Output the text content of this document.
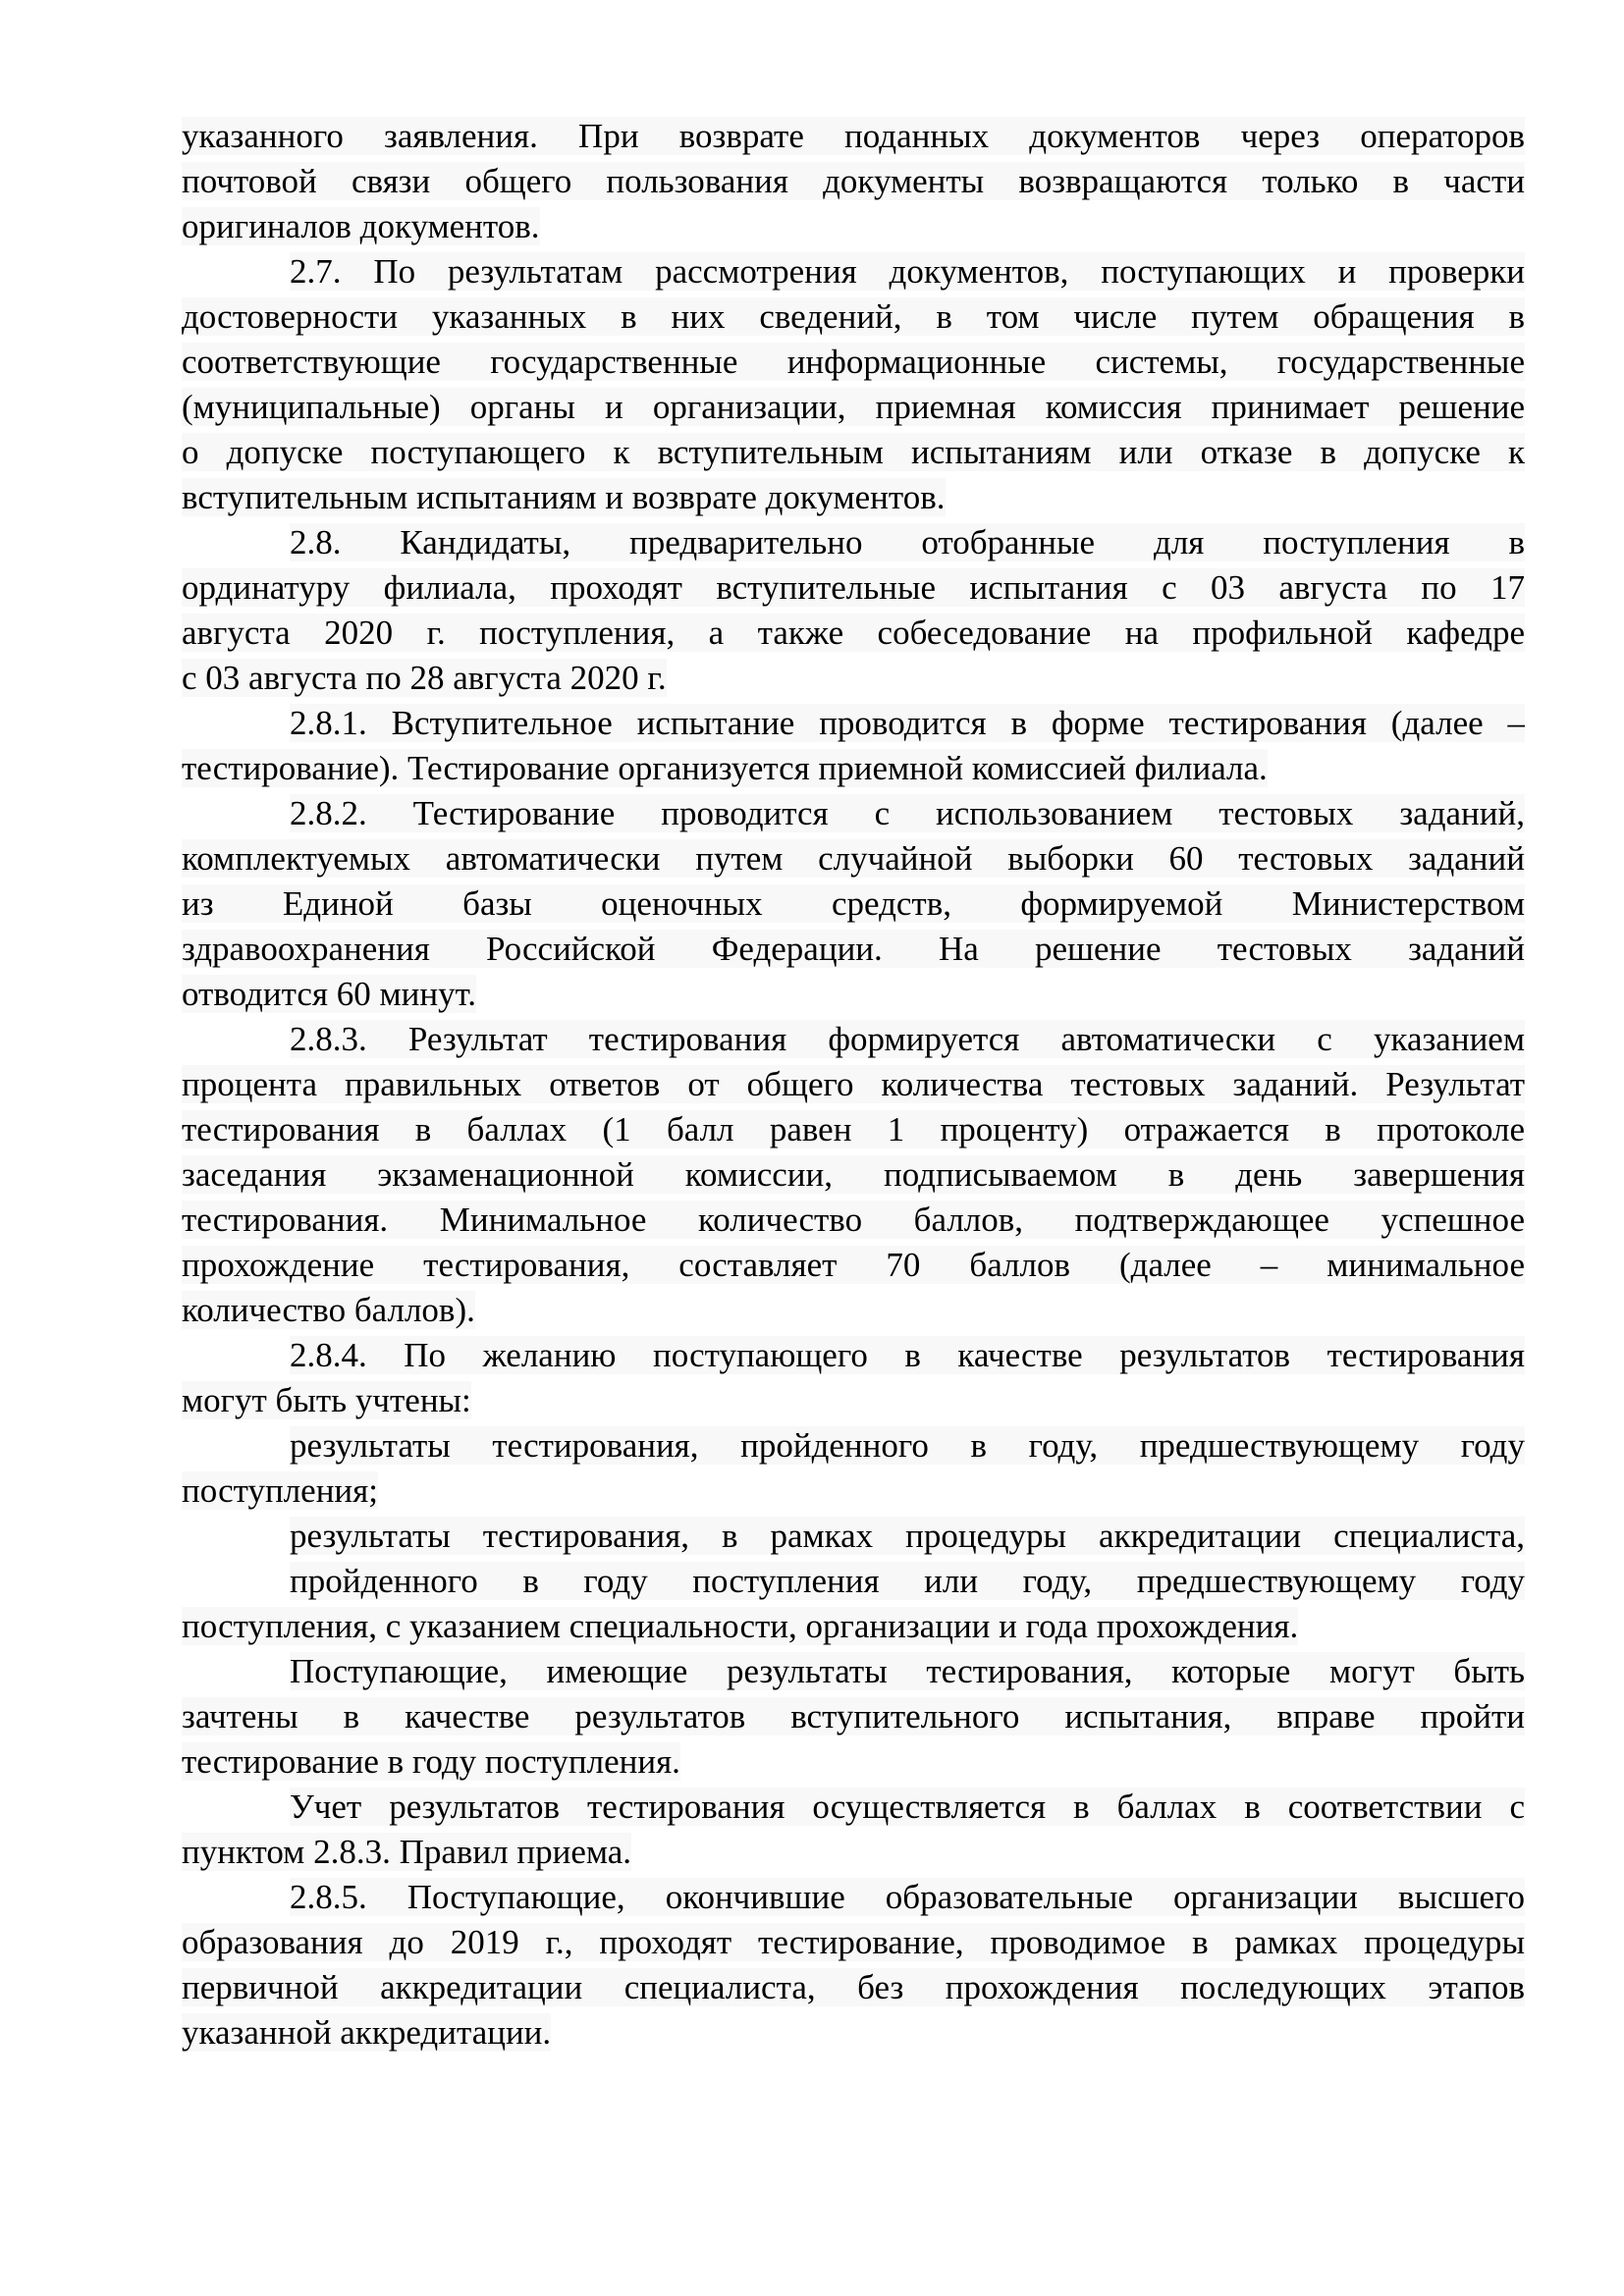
указанного заявления. При возврате поданных документов через операторов
почтовой связи общего пользования документы возвращаются только в части
оригиналов документов.
2.7. По результатам рассмотрения документов, поступающих и проверки
достоверности указанных в них сведений, в том числе путем обращения в
соответствующие государственные информационные системы, государственные
(муниципальные) органы и организации, приемная комиссия принимает решение
о допуске поступающего к вступительным испытаниям или отказе в допуске к
вступительным испытаниям и возврате документов.
2.8. Кандидаты, предварительно отобранные для поступления в
ординатуру филиала, проходят вступительные испытания с 03 августа по 17
августа 2020 г. поступления, а также собеседование на профильной кафедре
с 03 августа по 28 августа 2020 г.
2.8.1. Вступительное испытание проводится в форме тестирования (далее –
тестирование). Тестирование организуется приемной комиссией филиала.
2.8.2. Тестирование проводится с использованием тестовых заданий,
комплектуемых автоматически путем случайной выборки 60 тестовых заданий
из Единой базы оценочных средств, формируемой Министерством
здравоохранения Российской Федерации. На решение тестовых заданий
отводится 60 минут.
2.8.3. Результат тестирования формируется автоматически с указанием
процента правильных ответов от общего количества тестовых заданий. Результат
тестирования в баллах (1 балл равен 1 проценту) отражается в протоколе
заседания экзаменационной комиссии, подписываемом в день завершения
тестирования. Минимальное количество баллов, подтверждающее успешное
прохождение тестирования, составляет 70 баллов (далее – минимальное
количество баллов).
2.8.4. По желанию поступающего в качестве результатов тестирования
могут быть учтены:
результаты тестирования, пройденного в году, предшествующему году
поступления;
результаты тестирования, в рамках процедуры аккредитации специалиста,
пройденного в году поступления или году, предшествующему году
поступления, с указанием специальности, организации и года прохождения.
Поступающие, имеющие результаты тестирования, которые могут быть
зачтены в качестве результатов вступительного испытания, вправе пройти
тестирование в году поступления.
Учет результатов тестирования осуществляется в баллах в соответствии с
пунктом 2.8.3. Правил приема.
2.8.5. Поступающие, окончившие образовательные организации высшего
образования до 2019 г., проходят тестирование, проводимое в рамках процедуры
первичной аккредитации специалиста, без прохождения последующих этапов
указанной аккредитации.
